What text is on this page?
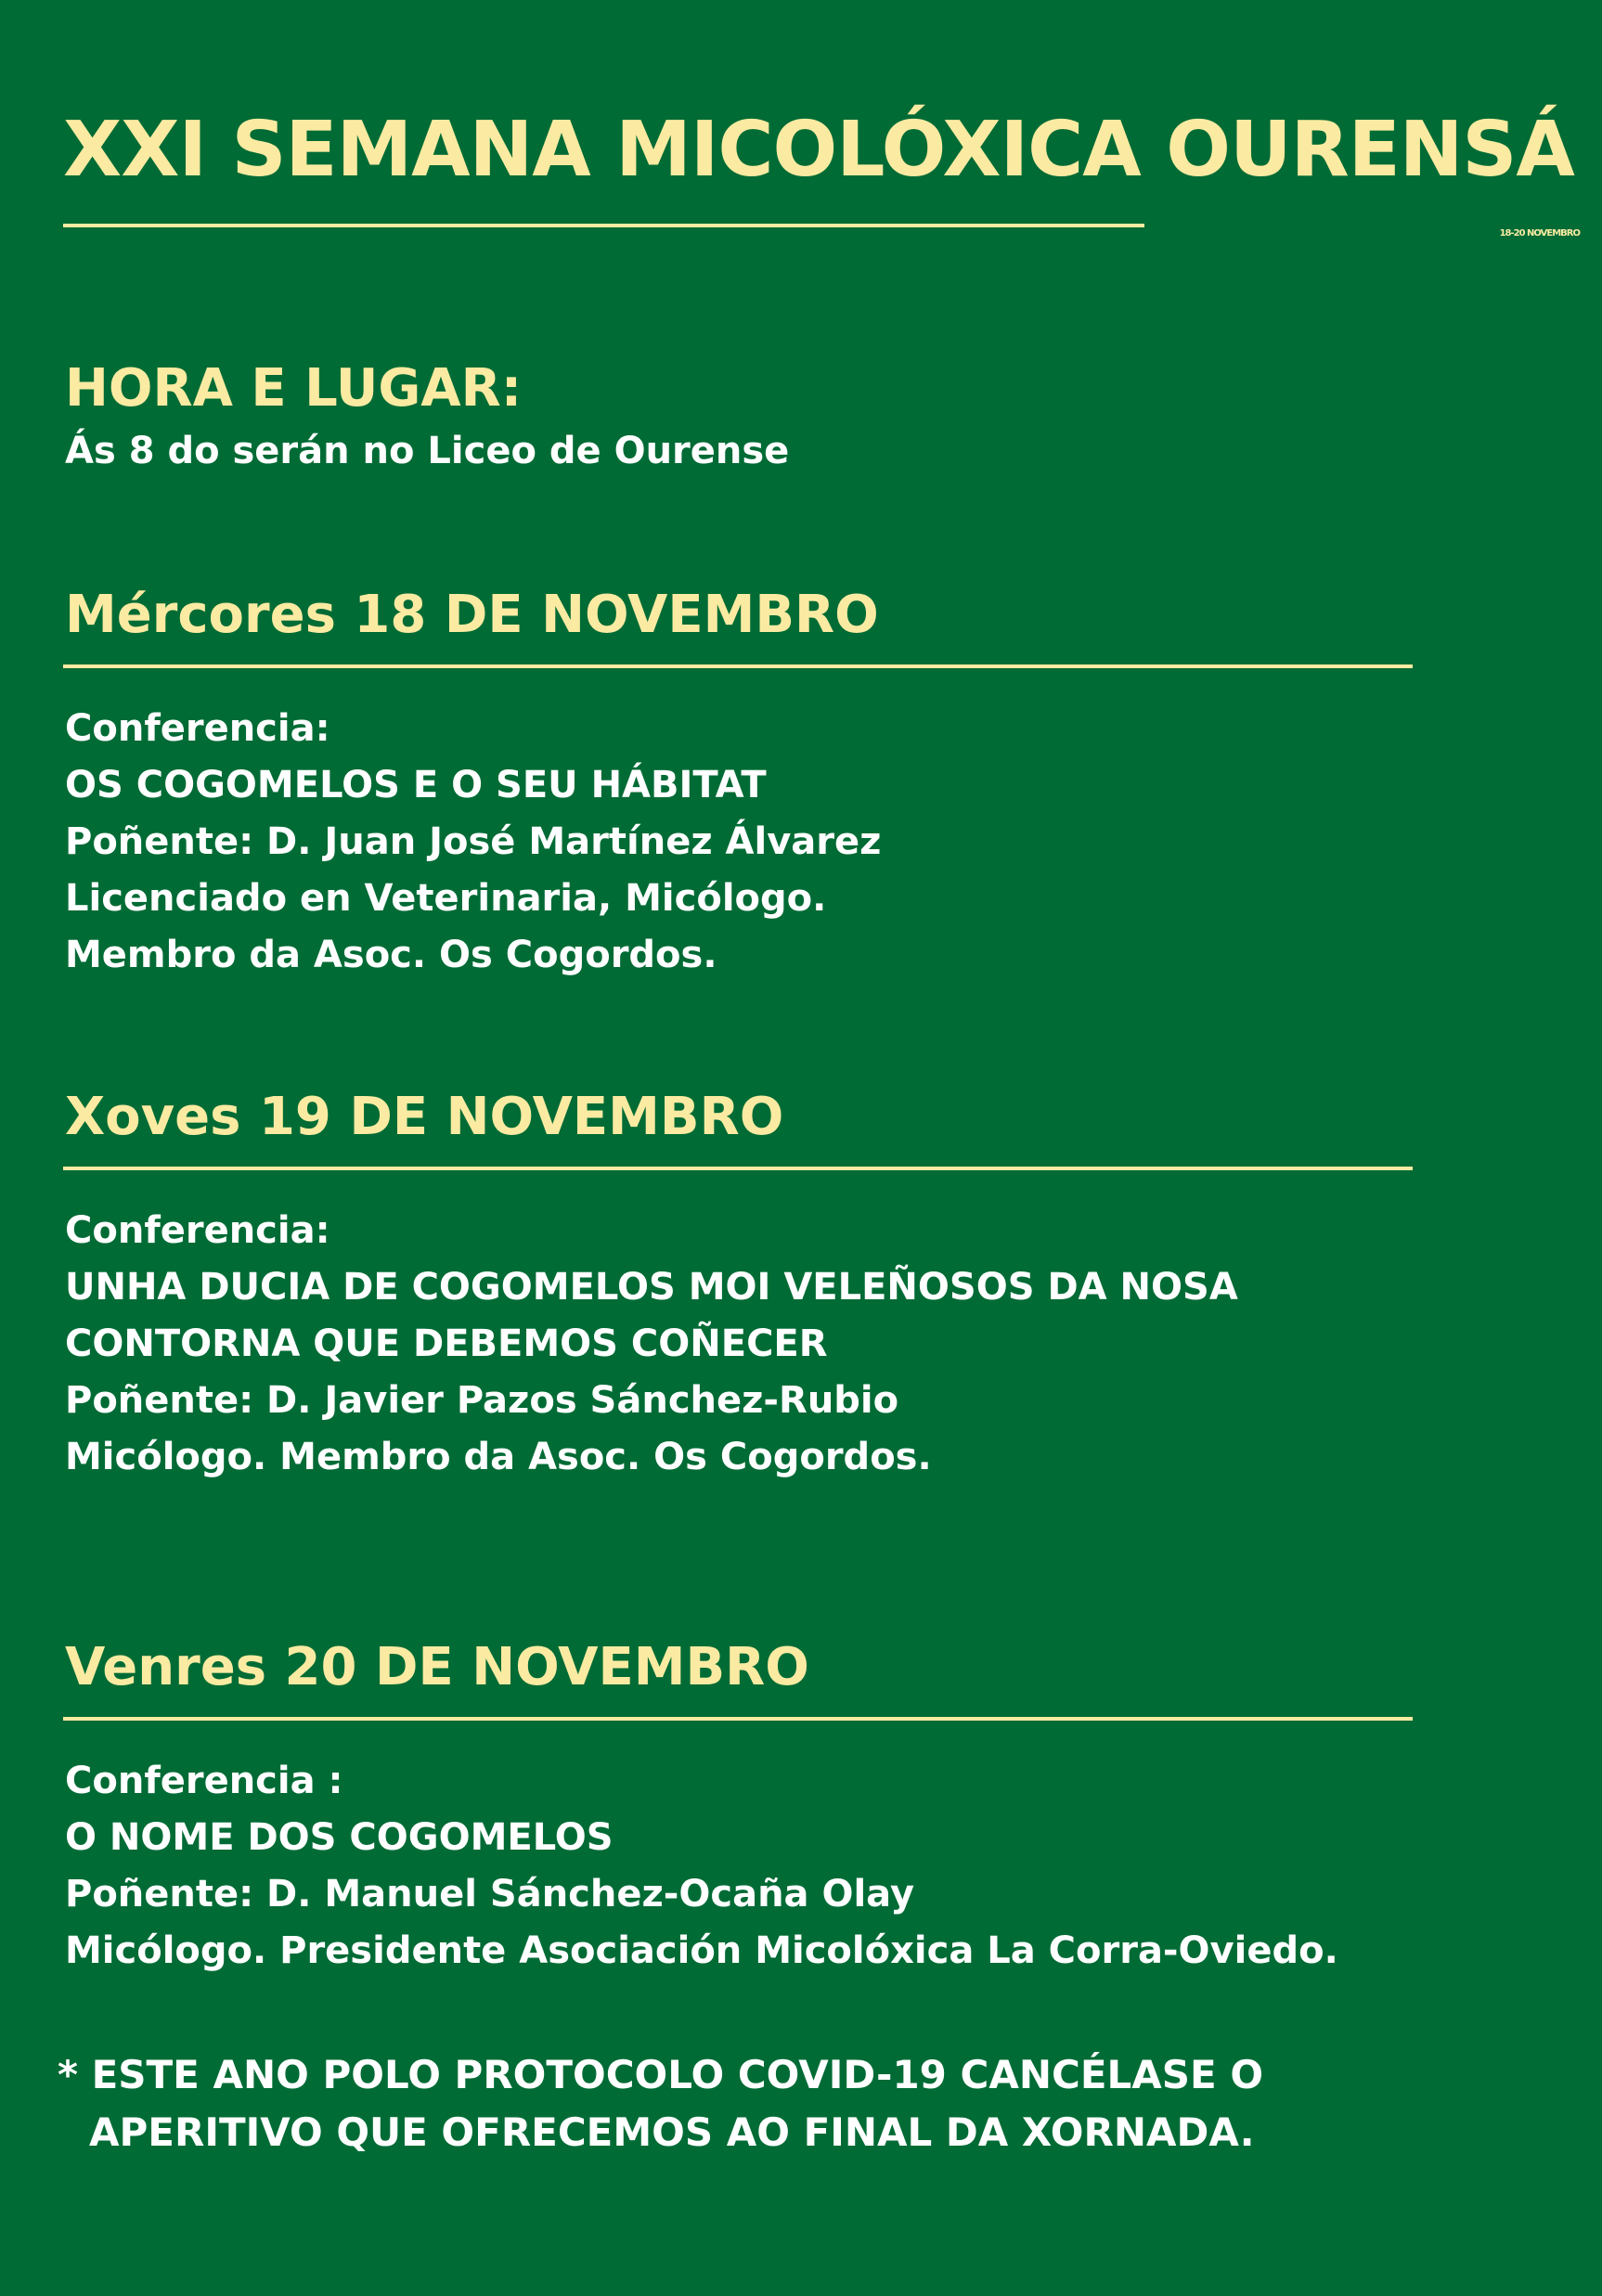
XXI SEMANA MICOLÓXICA OURENSÁ
18-20 NOVEMBRO
HORA E LUGAR:
Ás 8 do serán no Liceo de Ourense
Mércores 18 DE NOVEMBRO
Conferencia:
OS COGOMELOS E O SEU HÁBITAT
Poñente: D. Juan José Martínez Álvarez
Licenciado en Veterinaria, Micólogo.
Membro da Asoc. Os Cogordos.
Xoves 19 DE NOVEMBRO
Conferencia:
UNHA DUCIA DE COGOMELOS MOI VELEÑOSOS DA NOSA
CONTORNA QUE DEBEMOS COÑECER
Poñente: D. Javier Pazos Sánchez-Rubio
Micólogo. Membro da Asoc. Os Cogordos.
Venres 20 DE NOVEMBRO
Conferencia :
O NOME DOS COGOMELOS
Poñente: D. Manuel Sánchez-Ocaña Olay
Micólogo. Presidente Asociación Micolóxica La Corra-Oviedo.
* ESTE ANO POLO PROTOCOLO COVID-19 CANCÉLASE O
APERITIVO QUE OFRECEMOS AO FINAL DA XORNADA.
